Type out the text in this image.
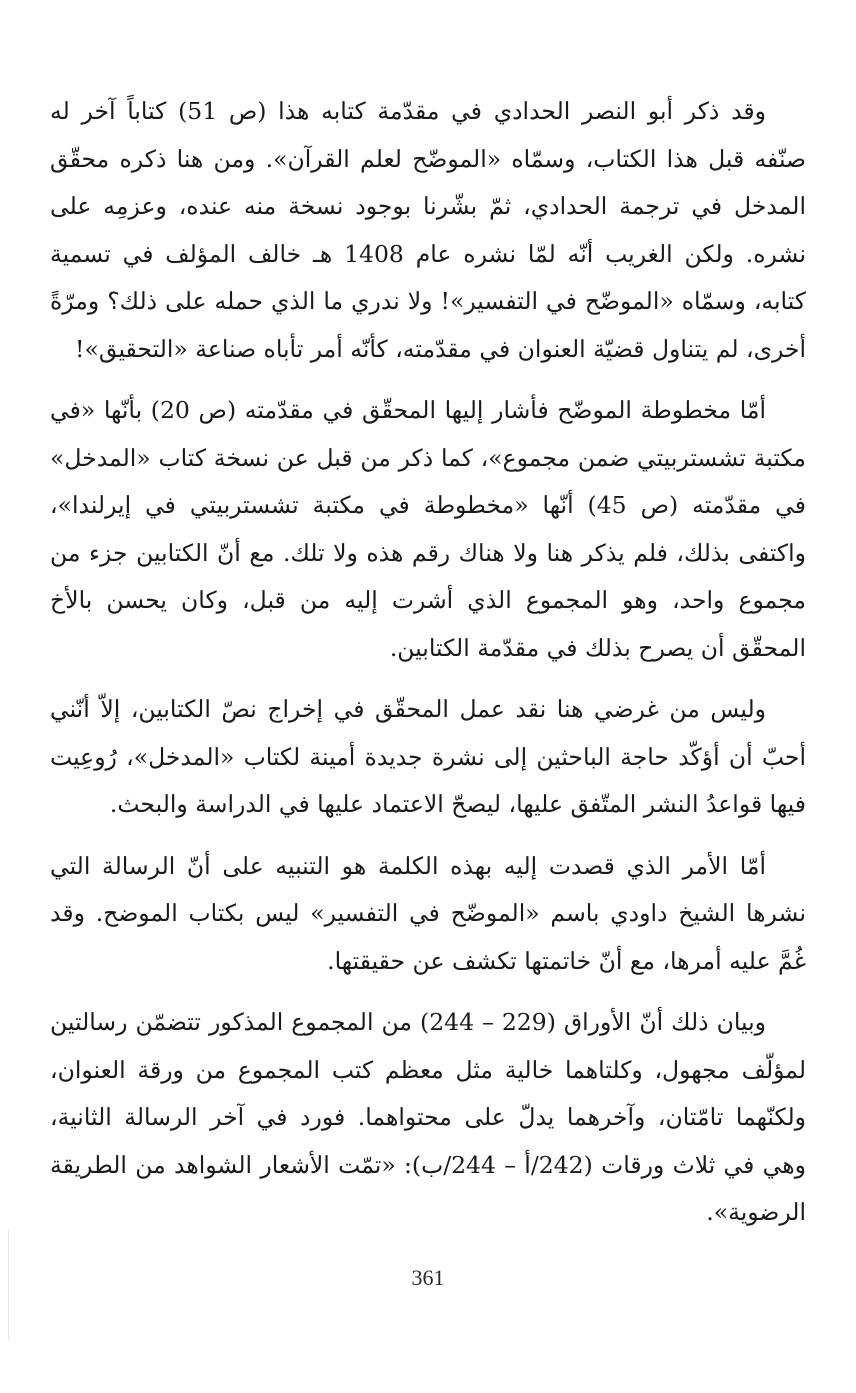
وقد ذكر أبو النصر الحدادي في مقدّمة كتابه هذا (ص 51) كتاباً آخر له صنّفه قبل هذا الكتاب، وسمّاه «الموضّح لعلم القرآن». ومن هنا ذكره محقّق المدخل في ترجمة الحدادي، ثمّ بشّرنا بوجود نسخة منه عنده، وعزمِه على نشره. ولكن الغريب أنّه لمّا نشره عام 1408 هـ خالف المؤلف في تسمية كتابه، وسمّاه «الموضّح في التفسير»! ولا ندري ما الذي حمله على ذلك؟ ومرّةً أخرى، لم يتناول قضيّة العنوان في مقدّمته، كأنّه أمر تأباه صناعة «التحقيق»!

أمّا مخطوطة الموضّح فأشار إليها المحقّق في مقدّمته (ص 20) بأنّها «في مكتبة تشستربيتي ضمن مجموع»، كما ذكر من قبل عن نسخة كتاب «المدخل» في مقدّمته (ص 45) أنّها «مخطوطة في مكتبة تشستربيتي في إيرلندا»، واكتفى بذلك، فلم يذكر هنا ولا هناك رقم هذه ولا تلك. مع أنّ الكتابين جزء من مجموع واحد، وهو المجموع الذي أشرت إليه من قبل، وكان يحسن بالأخ المحقّق أن يصرح بذلك في مقدّمة الكتابين.

وليس من غرضي هنا نقد عمل المحقّق في إخراج نصّ الكتابين، إلاّ أنّني أحبّ أن أؤكّد حاجة الباحثين إلى نشرة جديدة أمينة لكتاب «المدخل»، رُوعِيت فيها قواعدُ النشر المتّفق عليها، ليصحّ الاعتماد عليها في الدراسة والبحث.

أمّا الأمر الذي قصدت إليه بهذه الكلمة هو التنبيه على أنّ الرسالة التي نشرها الشيخ داودي باسم «الموضّح في التفسير» ليس بكتاب الموضح. وقد غُمَّ عليه أمرها، مع أنّ خاتمتها تكشف عن حقيقتها.

وبيان ذلك أنّ الأوراق (229 – 244) من المجموع المذكور تتضمّن رسالتين لمؤلّف مجهول، وكلتاهما خالية مثل معظم كتب المجموع من ورقة العنوان، ولكنّهما تامّتان، وآخرهما يدلّ على محتواهما. فورد في آخر الرسالة الثانية، وهي في ثلاث ورقات (242/أ – 244/ب): «تمّت الأشعار الشواهد من الطريقة الرضوية».

361
